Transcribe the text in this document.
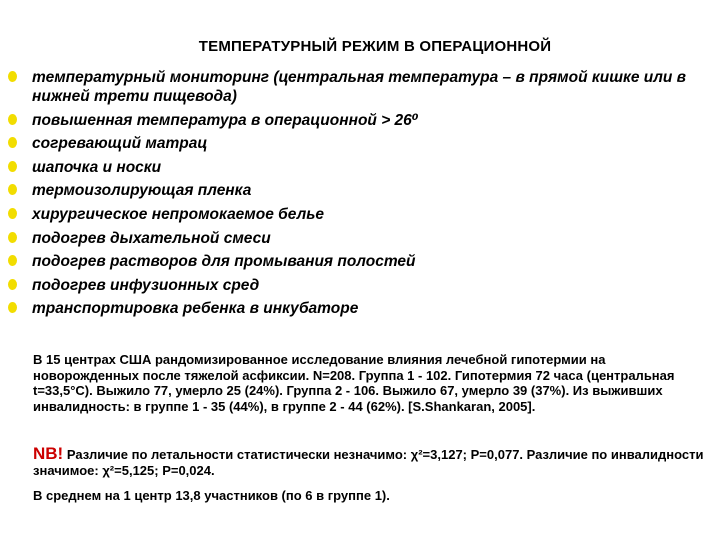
ТЕМПЕРАТУРНЫЙ РЕЖИМ В ОПЕРАЦИОННОЙ
температурный мониторинг (центральная температура – в прямой кишке или в нижней трети пищевода)
повышенная температура в операционной > 26⁰
согревающий матрац
шапочка и носки
термоизолирующая пленка
хирургическое непромокаемое белье
подогрев дыхательной смеси
подогрев растворов для промывания полостей
подогрев инфузионных сред
транспортировка ребенка в инкубаторе
В 15 центрах США рандомизированное исследование влияния лечебной гипотермии на новорожденных после тяжелой асфиксии. N=208. Группа 1 - 102. Гипотермия 72 часа (центральная t=33,5°С). Выжило 77, умерло 25 (24%). Группа 2 - 106. Выжило 67, умерло 39 (37%). Из выживших инвалидность: в группе 1 - 35 (44%), в группе 2 - 44 (62%). [S.Shankaran, 2005].
NB! Различие по летальности статистически незначимо: χ²=3,127; Р=0,077. Различие по инвалидности значимое: χ²=5,125; Р=0,024.
В среднем на 1 центр 13,8 участников (по 6 в группе 1).
